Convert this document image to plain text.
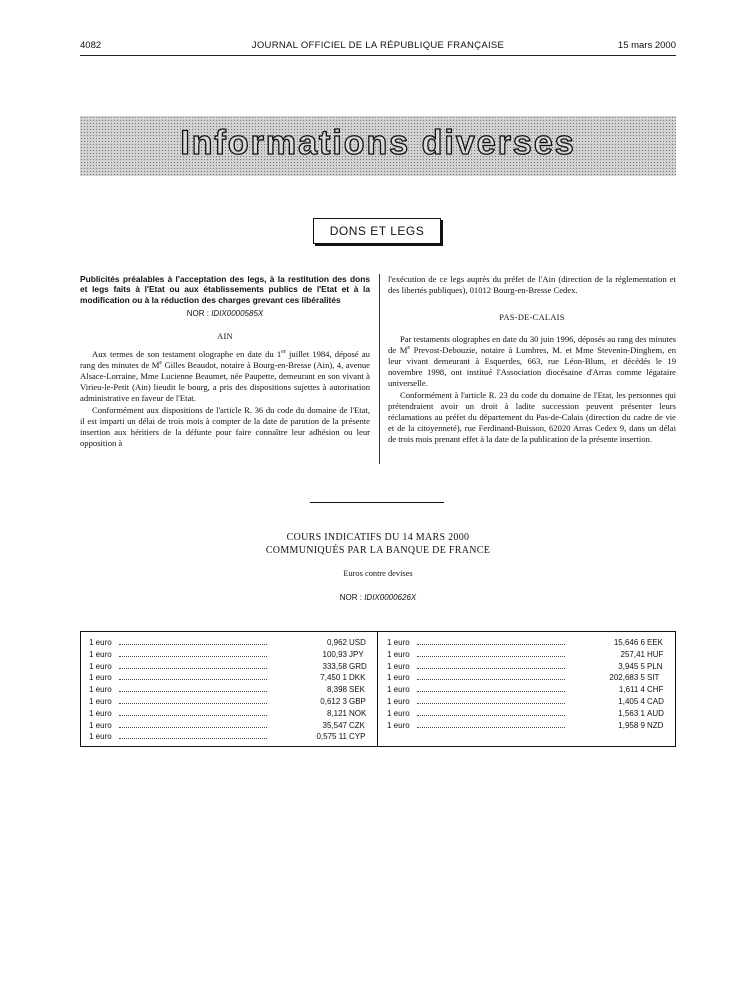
4082	JOURNAL OFFICIEL DE LA RÉPUBLIQUE FRANÇAISE	15 mars 2000
Informations diverses
DONS ET LEGS
Publicités préalables à l'acceptation des legs, à la restitution des dons et legs faits à l'Etat ou aux établissements publics de l'Etat et à la modification ou à la réduction des charges grevant ces libéralités
NOR : IDIX0000585X
AIN

Aux termes de son testament olographe en date du 1er juillet 1984, déposé au rang des minutes de Me Gilles Beaudot, notaire à Bourg-en-Bresse (Ain), 4, avenue Alsace-Lorraine, Mme Lucienne Beaumet, née Paupette, demeurant en son vivant à Virieu-le-Petit (Ain) lieudit le bourg, a pris des dispositions sujettes à autorisation administrative en faveur de l'Etat.

Conformément aux dispositions de l'article R. 36 du code du domaine de l'Etat, il est imparti un délai de trois mois à compter de la date de parution de la présente insertion aux héritiers de la défunte pour faire connaître leur adhésion ou leur opposition à

l'exécution de ce legs auprès du préfet de l'Ain (direction de la réglementation et des libertés publiques), 01012 Bourg-en-Bresse Cedex.

PAS-DE-CALAIS

Par testaments olographes en date du 30 juin 1996, déposés au rang des minutes de Me Prevost-Debouzie, notaire à Lumbres, M. et Mme Stevenin-Dinghem, en leur vivant demeurant à Esquerdes, 663, rue Léon-Blum, et décédés le 19 novembre 1998, ont institué l'Association diocésaine d'Arras comme légataire universelle.

Conformément à l'article R. 23 du code du domaine de l'Etat, les personnes qui prétendraient avoir un droit à ladite succession peuvent présenter leurs réclamations au préfet du département du Pas-de-Calais (direction du cadre de vie et de la citoyenneté), rue Ferdinand-Buisson, 62020 Arras Cedex 9, dans un délai de trois mois prenant effet à la date de la publication de la présente insertion.

COURS INDICATIFS DU 14 MARS 2000
COMMUNIQUÉS PAR LA BANQUE DE FRANCE
Euros contre devises
NOR : IDIX0000626X
1 euro	0,962 USD
1 euro	100,93 JPY
1 euro	333,58 GRD
1 euro	7,450 1 DKK
1 euro	8,398 SEK
1 euro	0,612 3 GBP
1 euro	8,121 NOK
1 euro	35,547 CZK
1 euro	0,575 11 CYP
1 euro	15,646 6 EEK
1 euro	257,41 HUF
1 euro	3,945 5 PLN
1 euro	202,683 5 SIT
1 euro	1,611 4 CHF
1 euro	1,405 4 CAD
1 euro	1,563 1 AUD
1 euro	1,958 9 NZD
